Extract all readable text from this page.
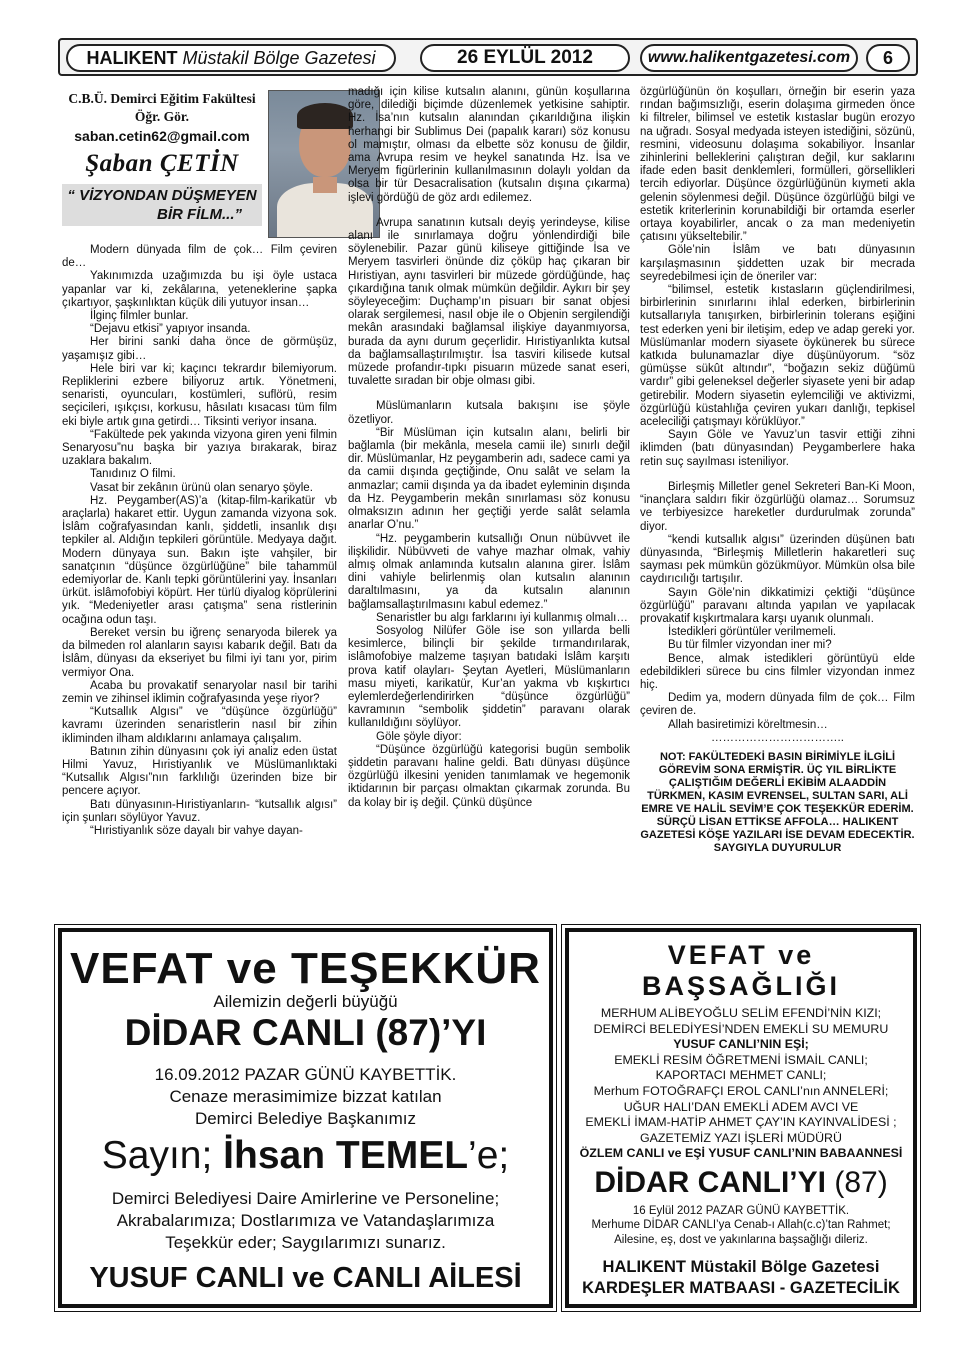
HALIKENT Müstakil Bölge Gazetesi	26 EYLÜL 2012	www.halikentgazetesi.com	6
C.B.Ü. Demirci Eğitim Fakültesi
Öğr. Gör.
saban.cetin62@gmail.com
Şaban ÇETİN
“ VİZYONDAN DÜŞMEYEN
BİR FİLM...”

Modern dünyada film de çok… Film çeviren de…

Yakınımızda uzağımızda bu işi öyle ustaca yapanlar var ki, zekâlarına, yeteneklerine şapka çıkartıyor, şaşkınlıktan küçük dili yutuyor insan…

İlginç filmler bunlar.

“Dejavu etkisi” yapıyor insanda.

Her birini sanki daha önce de görmüşüz, yaşamışız gibi…

Hele biri var ki; kaçıncı tekrardır bilemiyorum. Repliklerini ezbere biliyoruz artık. Yönetmeni, senaristi, oyuncuları, kostümleri, suflörü, resim seçicileri, ışıkçısı, korkusu, hâsılatı kısacası tüm film eki biyle artık gına getirdi… Tiksinti veriyor insana.

“Fakültede pek yakında vizyona giren yeni filmin Senaryosu”nu başka bir yazıya bırakarak, biraz uzaklara bakalım.

Tanıdınız O filmi.

Vasat bir zekânın ürünü olan senaryo şöyle.

Hz. Peygamber(AS)’a (kitap-film-karikatür vb araçlarla) hakaret ettir. Uygun zamanda vizyona sok. İslâm coğrafyasından kanlı, şiddetli, insanlık dışı tepkiler al. Aldığın tepkileri görüntüle. Medyaya dağıt. Modern dünyaya sun. Bakın işte vahşiler, bir sanatçının “düşünce özgürlüğüne” bile tahammül edemiyorlar de. Kanlı tepki görüntülerini yay. İnsanları ürküt. islâmofobiyi köpürt. Her türlü diyalog köprülerini yık. “Medeniyetler arası çatışma” sena ristlerinin ocağına odun taşı.

Bereket versin bu iğrenç senaryoda bilerek ya da bilmeden rol alanların sayısı kabarık değil. Batı da İslâm, dünyası da ekseriyet bu filmi iyi tanı yor, pirim vermiyor Ona.

Acaba bu provakatif senaryolar nasıl bir tarihi zemin ve zihinsel iklimin coğrafyasında yeşe riyor?

“Kutsallık Algısı” ve “düşünce özgürlüğü” kavramı üzerinden senaristlerin nasıl bir zihin ikliminden ilham aldıklarını anlamaya çalışalım.

Batının zihin dünyasını çok iyi analiz eden üstat Hilmi Yavuz, Hıristiyanlık ve Müslümanlıktaki “Kutsallık Algısı”nın farklılığı üzerinden bize bir pencere açıyor.

Batı dünyasının-Hıristiyanların- “kutsallık algısı” için şunları söylüyor Yavuz.

“Hıristiyanlık söze dayalı bir vahye dayan-

madığı için kilise kutsalın alanını, günün koşullarına göre, dilediği biçimde düzenlemek yetkisine sahiptir. Hz. İsa’nın kutsalın alanından çıkarıldığına ilişkin herhangi bir Sublimus Dei (papalık kararı) söz konusu ol mamıştır, olması da elbette söz konusu de ğildir, ama Avrupa resim ve heykel sanatında Hz. İsa ve Meryem figürlerinin kullanılmasının dolaylı yoldan da olsa bir tür Desacralisation (kutsalın dışına çıkarma) işlevi gördüğü de göz ardı edilemez.

Avrupa sanatının kutsalı deyiş yerindeyse, kilise alanı ile sınırlamaya doğru yönlendirdiği bile söylenebilir. Pazar günü kiliseye gittiğinde İsa ve Meryem tasvirleri önünde diz çöküp haç çıkaran bir Hıristiyan, aynı tasvirleri bir müzede gördüğünde, haç çıkardığına tanık olmak mümkün değildir. Aykırı bir şey söyleyeceğim: Duçhamp’ın pisuarı bir sanat objesi olarak sergilemesi, nasıl obje ile o Objenin sergilendiği mekân arasındaki bağlamsal ilişkiye dayanmıyorsa, burada da aynı durum geçerlidir. Hıristiyanlıkta kutsal da bağlamsallaştırılmıştır. İsa tasviri kilisede kutsal müzede profandır-tıpkı pisuarın müzede sanat eseri, tuvalette sıradan bir obje olması gibi.

Müslümanların kutsala bakışını ise şöyle özetliyor.

“Bir Müslüman için kutsalın alanı, belirli bir bağlamla (bir mekânla, mesela camii ile) sınırlı değil dir. Müslümanlar, Hz peygamberin adı, sadece cami ya da camii dışında geçtiğinde, Onu salât ve selam la anmazlar; camii dışında ya da ibadet eyleminin dışında da Hz. Peygamberin mekân sınırlaması söz konusu olmaksızın adının her geçtiği yerde salât selamla anarlar O’nu.”

“Hz. peygamberin kutsallığı Onun nübüvvet ile ilişkilidir. Nübüvveti de vahye mazhar olmak, vahiy almış olmak anlamında kutsalın alanına girer. İslâm dini vahiyle belirlenmiş olan kutsalın alanının daraltılmasını, ya da kutsalın alanının bağlamsallaştırılmasını kabul edemez.”

Senaristler bu algı farklarını iyi kullanmış olmalı…

Sosyolog Nilüfer Göle ise son yıllarda belli kesimlerce, bilinçli bir şekilde tırmandırılarak, islâmofobiye malzeme taşıyan batıdaki İslâm karşıtı prova katif olayları- Şeytan Ayetleri, Müslümanların masu miyeti, karikatür, Kur’an yakma vb kışkırtıcı eylemlerdeğerlendirirken “düşünce özgürlüğü” kavramının “sembolik şiddetin” paravanı olarak kullanıldığını söylüyor.

Göle şöyle diyor:

“Düşünce özgürlüğü kategorisi bugün sembolik şiddetin paravanı haline geldi. Batı dünyası düşünce özgürlüğü ilkesini yeniden tanımlamak ve hegemonik iktidarının bir parçası olmaktan çıkarmak zorunda. Bu da kolay bir iş değil. Çünkü düşünce

özgürlüğünün ön koşulları, örneğin bir eserin yaza rından bağımsızlığı, eserin dolaşıma girmeden önce ki filtreler, bilimsel ve estetik kıstaslar bugün erozyo na uğradı. Sosyal medyada isteyen istediğini, sözünü, resmini, videosunu dolaşıma sokabiliyor. İnsanlar zihinlerini belleklerini çalıştıran değil, kur saklarını ifade eden basit denklemleri, formülleri, görsellikleri tercih ediyorlar. Düşünce özgürlüğünün kıymeti akla gelenin söylenmesi değil. Düşünce özgürlüğü bilgi ve estetik kriterlerinin korunabildiği bir ortamda eserler ortaya koyabilirler, ancak o za man medeniyetin çatısını yükseltebilir.”

Göle’nin İslâm ve batı dünyasının karşılaşmasının şiddetten uzak bir mecrada seyredebilmesi için de öneriler var:

“bilimsel, estetik kıstasların güçlendirilmesi, birbirlerinin sınırlarını ihlal ederken, birbirlerinin kutsallarıyla tanışırken, birbirlerinin tolerans eşiğini test ederken yeni bir iletişim, edep ve adap gereki yor. Müslümanlar modern siyasete öykünerek bu sürece katkıda bulunamazlar diye düşünüyorum. “söz gümüşse sükût altındır”, “boğazın sekiz düğümü vardır” gibi geleneksel değerler siyasete yeni bir adap getirebilir. Modern siyasetin eylemciliği ve aktivizmi, özgürlüğü küstahlığa çeviren yukarı danlığı, tepkisel aceleciliği çatışmayı körüklüyor.”

Sayın Göle ve Yavuz’un tasvir ettiği zihni iklimden (batı dünyasından) Peygamberlere haka retin suç sayılması isteniliyor.

Birleşmiş Milletler genel Sekreteri Ban-Ki Moon, “inançlara saldırı fikir özgürlüğü olamaz… Sorumsuz ve terbiyesizce hareketler durdurulmak zorunda” diyor.

“kendi kutsallık algısı” üzerinden düşünen batı dünyasında, “Birleşmiş Milletlerin hakaretleri suç sayması pek mümkün gözükmüyor. Mümkün olsa bile caydırıcılığı tartışılır.

Sayın Göle’nin dikkatimizi çektiği “düşünce özgürlüğü” paravanı altında yapılan ve yapılacak provakatif kışkırtmalara karşı uyanık olunmalı.

İstedikleri görüntüler verilmemeli.

Bu tür filmler vizyondan iner mi?

Bence, almak istedikleri görüntüyü elde edebildikleri sürece bu cins filmler vizyondan inmez hiç.

Dedim ya, modern dünyada film de çok… Film çeviren de.

Allah basiretimizi köreltmesin…

……………………………..

NOT: FAKÜLTEDEKİ BASIN BİRİMİYLE İLGİLİ GÖREVİM SONA ERMİŞTİR. ÜÇ YIL BİRLİKTE ÇALIŞTIĞIM DEĞERLİ EKİBİM ALAADDİN TÜRKMEN, KASIM EVRENSEL, SULTAN SARI, ALİ EMRE VE HALİL SEVİM’E ÇOK TEŞEKKÜR EDERİM. SÜRÇÜ LİSAN ETTİKSE AFFOLA… HALIKENT GAZETESİ KÖŞE YAZILARI İSE DEVAM EDECEKTİR. SAYGIYLA DUYURULUR
VEFAT ve TEŞEKKÜR
Ailemizin değerli büyüğü
DİDAR CANLI (87)’YI
16.09.2012 PAZAR GÜNÜ KAYBETTİK.
Cenaze merasimimize bizzat katılan
Demirci Belediye Başkanımız
Sayın; İhsan TEMEL’e;
Demirci Belediyesi Daire Amirlerine ve Personeline;
Akrabalarımıza; Dostlarımıza ve Vatandaşlarımıza
Teşekkür eder; Saygılarımızı sunarız.
YUSUF CANLI ve CANLI AİLESİ
VEFAT ve BAŞSAĞLIĞI
MERHUM ALİBEYOĞLU SELİM EFENDİ’NİN KIZI;
DEMİRCİ BELEDİYESİ’NDEN EMEKLİ SU MEMURU
YUSUF CANLI’NIN EŞİ;
EMEKLİ RESİM ÖĞRETMENİ İSMAİL CANLI;
KAPORTACI MEHMET CANLI;
Merhum FOTOĞRAFÇI EROL CANLI’nın ANNELERİ;
UĞUR HALI’DAN EMEKLİ ADEM AVCI VE
EMEKLİ İMAM-HATİP AHMET ÇAY’IN KAYINVALİDESİ ;
GAZETEMİZ YAZI İŞLERİ MÜDÜRÜ
ÖZLEM CANLI ve EŞİ YUSUF CANLI’NIN BABAANNESİ
DİDAR CANLI’YI (87)
16 Eylül 2012 PAZAR GÜNÜ KAYBETTİK.
Merhume DİDAR CANLI’ya Cenab-ı Allah(c.c)’tan Rahmet;
Ailesine, eş, dost ve yakınlarına başsağlığı dileriz.
HALIKENT Müstakil Bölge Gazetesi
KARDEŞLER MATBAASI - GAZETECİLİK
